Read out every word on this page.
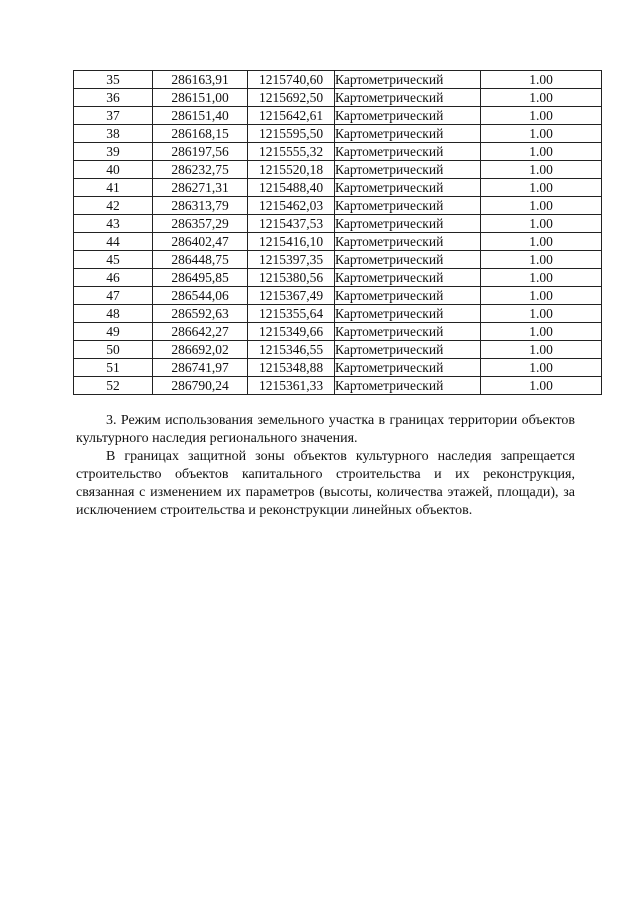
35	286163,91	1215740,60	Картометрический	1.00
36	286151,00	1215692,50	Картометрический	1.00
37	286151,40	1215642,61	Картометрический	1.00
38	286168,15	1215595,50	Картометрический	1.00
39	286197,56	1215555,32	Картометрический	1.00
40	286232,75	1215520,18	Картометрический	1.00
41	286271,31	1215488,40	Картометрический	1.00
42	286313,79	1215462,03	Картометрический	1.00
43	286357,29	1215437,53	Картометрический	1.00
44	286402,47	1215416,10	Картометрический	1.00
45	286448,75	1215397,35	Картометрический	1.00
46	286495,85	1215380,56	Картометрический	1.00
47	286544,06	1215367,49	Картометрический	1.00
48	286592,63	1215355,64	Картометрический	1.00
49	286642,27	1215349,66	Картометрический	1.00
50	286692,02	1215346,55	Картометрический	1.00
51	286741,97	1215348,88	Картометрический	1.00
52	286790,24	1215361,33	Картометрический	1.00

3. Режим использования земельного участка в границах территории объектов культурного наследия регионального значения.

В границах защитной зоны объектов культурного наследия запрещается строительство объектов капитального строительства и их реконструкция, связанная с изменением их параметров (высоты, количества этажей, площади), за исключением строительства и реконструкции линейных объектов.
